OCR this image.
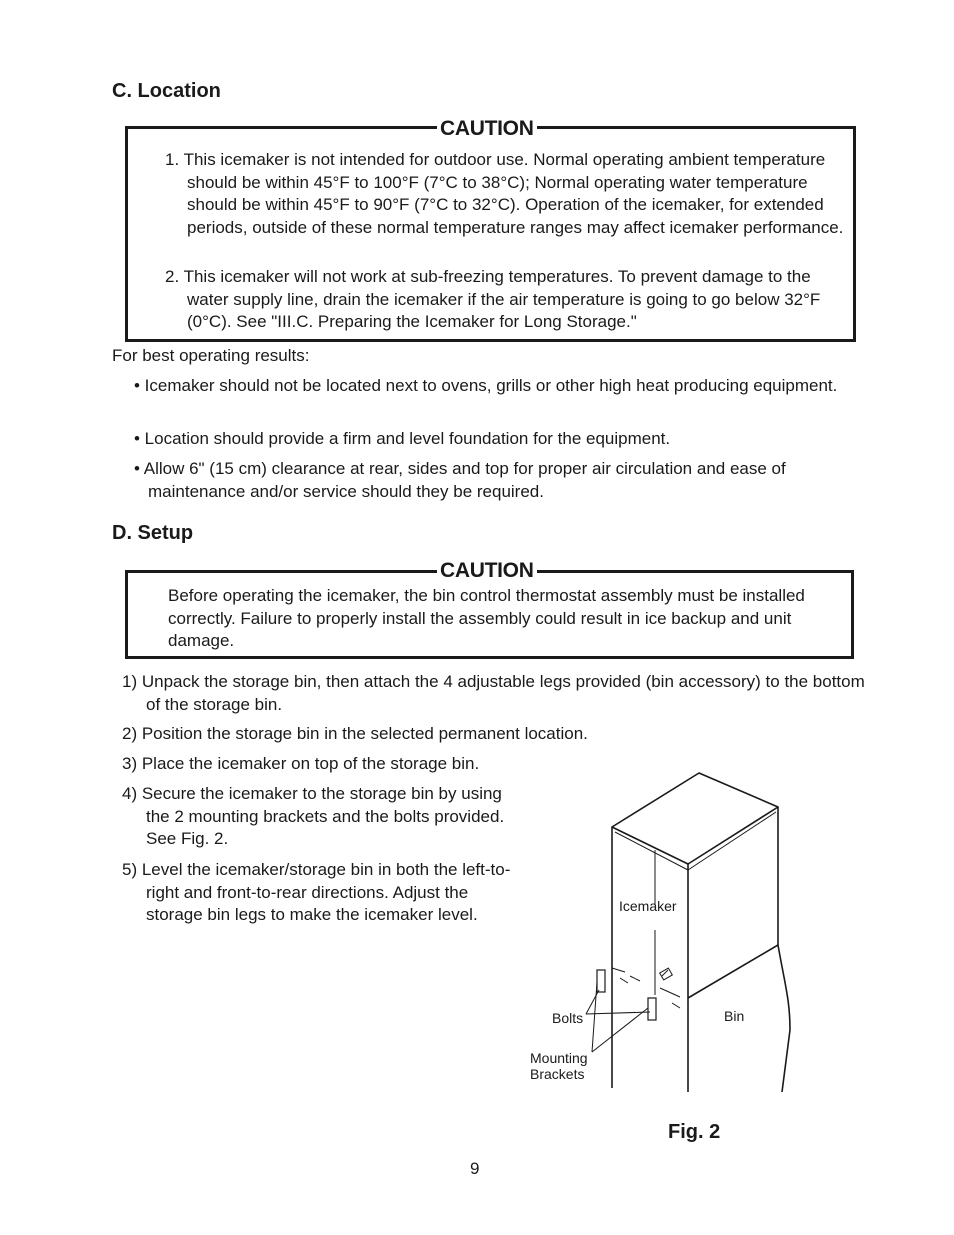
C. Location
CAUTION
1. This icemaker is not intended for outdoor use. Normal operating ambient temperature should be within 45°F to 100°F (7°C to 38°C); Normal operating water temperature should be within 45°F to 90°F (7°C to 32°C). Operation of the icemaker, for extended periods, outside of these normal temperature ranges may affect icemaker performance.
2. This icemaker will not work at sub-freezing temperatures. To prevent damage to the water supply line, drain the icemaker if the air temperature is going to go below 32°F (0°C). See "III.C. Preparing the Icemaker for Long Storage."
For best operating results:
• Icemaker should not be located next to ovens, grills or other high heat producing equipment.
• Location should provide a firm and level foundation for the equipment.
• Allow 6" (15 cm) clearance at rear, sides and top for proper air circulation and ease of maintenance and/or service should they be required.
D. Setup
CAUTION
Before operating the icemaker, the bin control thermostat assembly must be installed correctly. Failure to properly install the assembly could result in ice backup and unit damage.
1) Unpack the storage bin, then attach the 4 adjustable legs provided (bin accessory) to the bottom of the storage bin.
2) Position the storage bin in the selected permanent location.
3) Place the icemaker on top of the storage bin.
4) Secure the icemaker to the storage bin by using the 2 mounting brackets and the bolts provided. See Fig. 2.
5) Level the icemaker/storage bin in both the left-to-right and front-to-rear directions. Adjust the storage bin legs to make the icemaker level.	Icemaker
Bin
Bolts
Mounting
Brackets
Fig. 2
9
